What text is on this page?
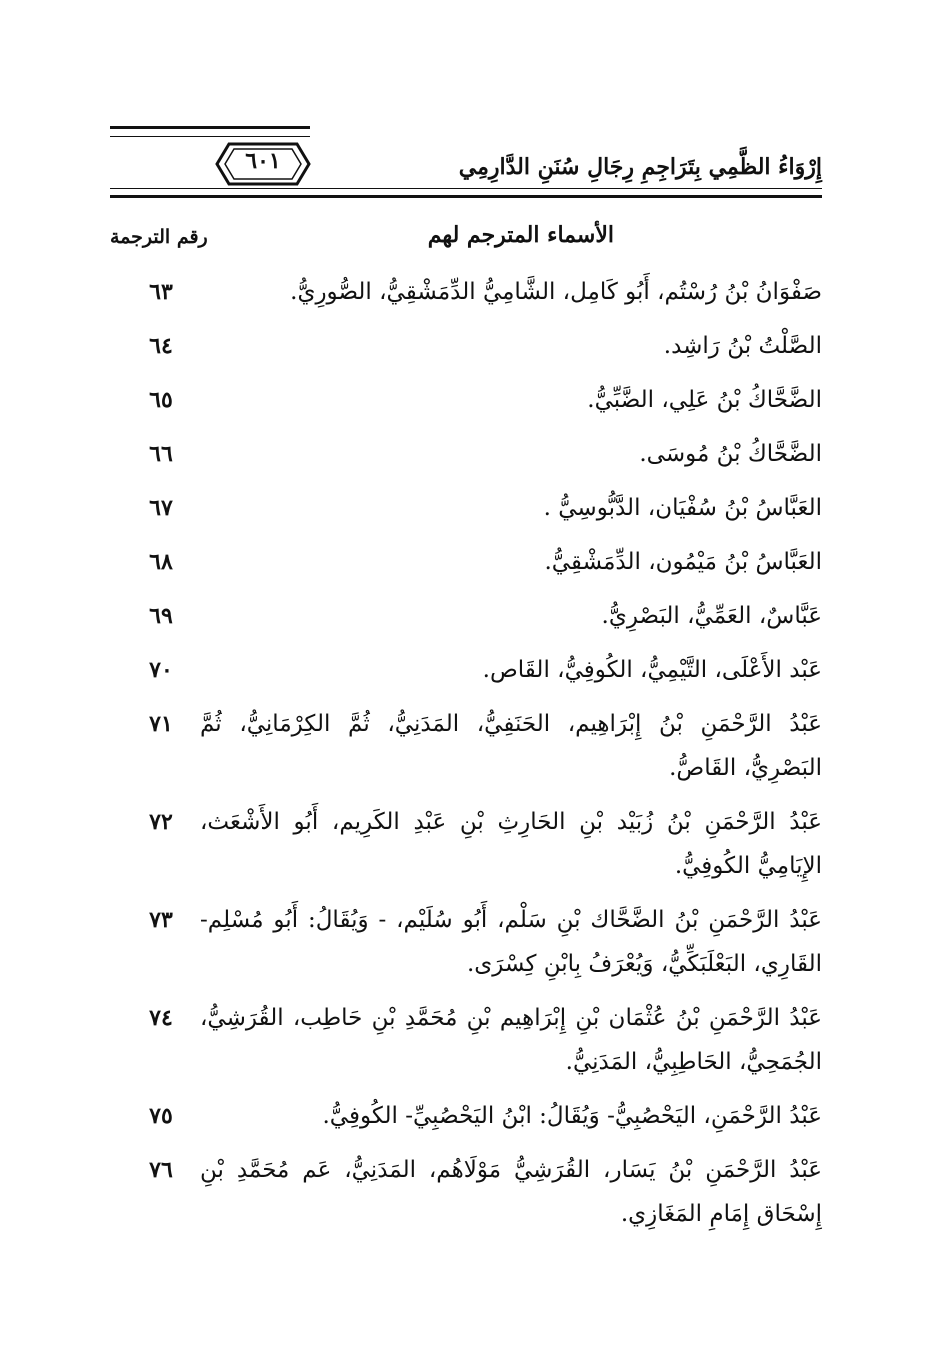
٦٠١	إِرْوَاءُ الظَّمِي بِتَرَاجِمِ رِجَالِ سُنَنِ الدَّارِمِي
الأسماء المترجم لهم
رقم الترجمة
صَفْوَانُ بْنُ رُسْتُم، أَبُو كَامِل، الشَّامِيُّ الدِّمَشْقِيُّ، الصُّورِيُّ.
٦٣
الصَّلْتُ بْنُ رَاشِد.
٦٤
الضَّحَّاكُ بْنُ عَلِي، الضَّبِّيُّ.
٦٥
الضَّحَّاكُ بْنُ مُوسَى.
٦٦
العَبَّاسُ بْنُ سُفْيَان، الدَّبُّوسِيُّ .
٦٧
العَبَّاسُ بْنُ مَيْمُون، الدِّمَشْقِيُّ.
٦٨
عَبَّاسٌ، العَمِّيُّ، البَصْرِيُّ.
٦٩
عَبْد الأَعْلَى، التَّيْمِيُّ، الكُوفِيُّ، القَاص.
٧٠
عَبْدُ الرَّحْمَنِ بْنُ إِبْرَاهِيم، الحَنَفِيُّ، المَدَنِيُّ، ثُمَّ الكِرْمَانِيُّ، ثُمَّ البَصْرِيُّ، القَاصُّ.
٧١
عَبْدُ الرَّحْمَنِ بْنُ زُبَيْد بْنِ الحَارِثِ بْنِ عَبْدِ الكَرِيم، أَبُو الأَشْعَث، الإِيَامِيُّ الكُوفِيُّ.
٧٢
عَبْدُ الرَّحْمَنِ بْنُ الضَّحَّاك بْنِ سَلْم، أَبُو سُلَيْم، - وَيُقَالُ: أَبُو مُسْلِم- القَارِي، البَعْلَبَكِّيُّ، وَيُعْرَفُ بِابْنِ كِسْرَى.
٧٣
عَبْدُ الرَّحْمَنِ بْنُ عُثْمَان بْنِ إِبْرَاهِيم بْنِ مُحَمَّدِ بْنِ حَاطِب، القُرَشِيُّ، الجُمَحِيُّ، الحَاطِبِيُّ، المَدَنِيُّ.
٧٤
عَبْدُ الرَّحْمَنِ، اليَحْصُبِيُّ- وَيُقَالُ: ابْنُ اليَحْصُبِيِّ- الكُوفِيُّ.
٧٥
عَبْدُ الرَّحْمَنِ بْنُ يَسَار، القُرَشِيُّ مَوْلَاهُم، المَدَنِيُّ، عَم مُحَمَّدِ بْنِ إِسْحَاق إِمَامِ المَغَازِي.
٧٦
